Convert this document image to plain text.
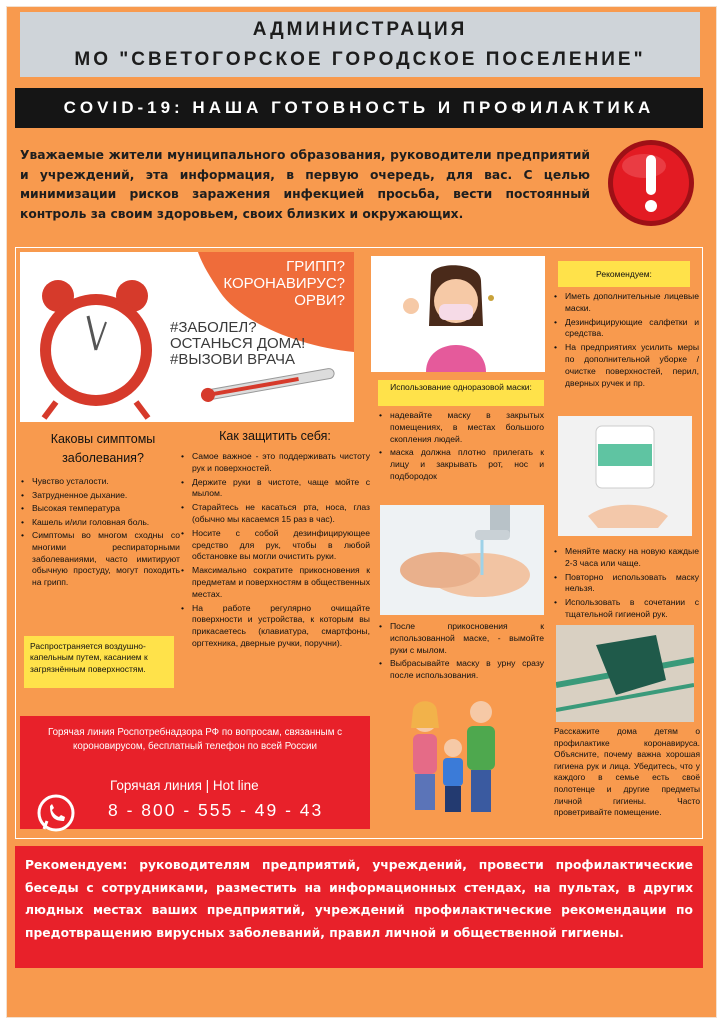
АДМИНИСТРАЦИЯ
МО "СВЕТОГОРСКОЕ ГОРОДСКОЕ ПОСЕЛЕНИЕ"
COVID-19: НАША ГОТОВНОСТЬ И ПРОФИЛАКТИКА
Уважаемые жители муниципального образования, руководители предприятий и учреждений, эта информация, в первую очередь, для вас. С целью минимизации рисков заражения инфекцией просьба, вести постоянный контроль за своим здоровьем, своих близких и окружающих.
ГРИПП?
КОРОНАВИРУС?
ОРВИ?
#ЗАБОЛЕЛ?
ОСТАНЬСЯ ДОМА!
#ВЫЗОВИ ВРАЧА
Рекомендуем:
• Иметь дополнительные лицевые маски.
• Дезинфицирующие салфетки и средства.
• На предприятиях усилить меры по дополнительной уборке / очистке поверхностей, перил, дверных ручек и пр.
Использование одноразовой маски:
• надевайте маску в закрытых помещениях, в местах большого скопления людей.
• маска должна плотно прилегать к лицу и закрывать рот, нос и подбородок
• Меняйте маску на новую каждые 2-3 часа или чаще.
• Повторно использовать маску нельзя.
• Использовать в сочетании с тщательной гигиеной рук.
Каковы симптомы заболевания?
• Чувство усталости.
• Затрудненное дыхание.
• Высокая температура
• Кашель и/или головная боль.
• Симптомы во многом сходны со многими респираторными заболеваниями, часто имитируют обычную простуду, могут походить на грипп.
Распространяется воздушно-капельным путем, касанием к загрязнённым поверхностям.
Как защитить себя:
• Самое важное - это поддерживать чистоту рук и поверхностей.
• Держите руки в чистоте, чаще мойте с мылом.
• Старайтесь не касаться рта, носа, глаз (обычно мы касаемся 15 раз в час).
• Носите с собой дезинфицирующее средство для рук, чтобы в любой обстановке вы могли очистить руки.
• Максимально сократите прикосновения к предметам и поверхностям в общественных местах.
• На работе регулярно очищайте поверхности и устройства, к которым вы прикасаетесь (клавиатура, смартфоны, оргтехника, дверные ручки, поручни).
• После прикосновения к использованной маске, - вымойте руки с мылом.
• Выбрасывайте маску в урну сразу после использования.
Расскажите дома детям о профилактике коронавируса. Объясните, почему важна хорошая гигиена рук и лица. Убедитесь, что у каждого в семье есть своё полотенце и другие предметы личной гигиены. Часто проветривайте помещение.
Горячая линия Роспотребнадзора РФ по вопросам, связанным с короновирусом, бесплатный телефон по всей России
Горячая линия | Hot line
8 - 800 - 555 - 49 - 43
Рекомендуем: руководителям предприятий, учреждений, провести профилактические беседы с сотрудниками, разместить на информационных стендах, на пультах, в других людных местах ваших предприятий, учреждений профилактические рекомендации по предотвращению вирусных заболеваний, правил личной и общественной гигиены.
